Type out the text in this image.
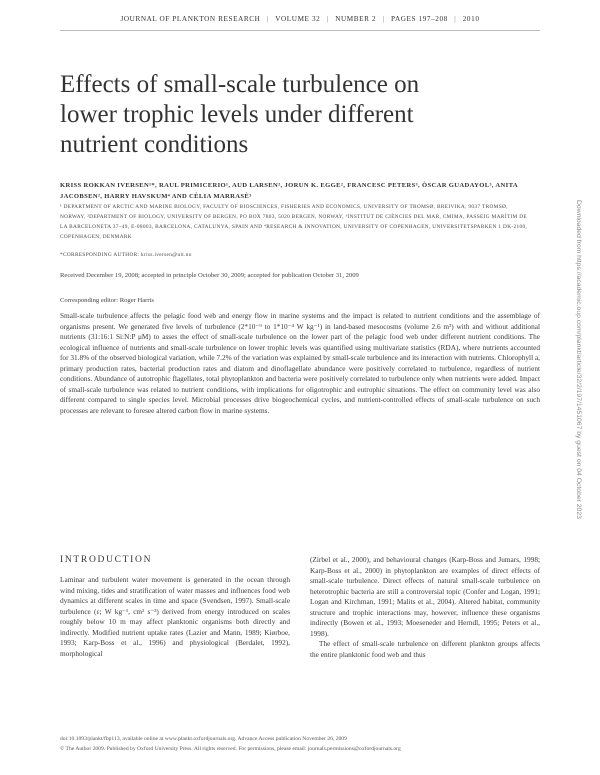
JOURNAL OF PLANKTON RESEARCH | VOLUME 32 | NUMBER 2 | PAGES 197–208 | 2010
Effects of small-scale turbulence on lower trophic levels under different nutrient conditions
KRISS ROKKAN IVERSEN¹*, RAUL PRIMICERIO¹, AUD LARSEN², JORUN K. EGGE², FRANCESC PETERS³, ÒSCAR GUADAYOL³, ANITA JACOBSEN², HARRY HAVSKUM⁴ AND CÈLIA MARRASÈ³
¹ DEPARTMENT OF ARCTIC AND MARINE BIOLOGY, FACULTY OF BIOSCIENCES, FISHERIES AND ECONOMICS, UNIVERSITY OF TROMSØ, BREIVIKA, 9037 TROMSØ, NORWAY, ²DEPARTMENT OF BIOLOGY, UNIVERSITY OF BERGEN, PO BOX 7803, 5020 BERGEN, NORWAY, ³INSTITUT DE CIÈNCIES DEL MAR, CMIMA, PASSEIG MARÍTIM DE LA BARCELONETA 37–49, E-08003, BARCELONA, CATALUNYA, SPAIN AND ⁴RESEARCH & INNOVATION, UNIVERSITY OF COPENHAGEN, UNIVERSITETSPARKEN 1 DK-2100, COPENHAGEN, DENMARK
*CORRESPONDING AUTHOR: kriss.iversen@uit.no
Received December 19, 2008; accepted in principle October 30, 2009; accepted for publication October 31, 2009
Corresponding editor: Roger Harris

Small-scale turbulence affects the pelagic food web and energy flow in marine systems and the impact is related to nutrient conditions and the assemblage of organisms present. We generated five levels of turbulence (2*10⁻⁹ to 1*10⁻⁴ W kg⁻¹) in land-based mesocosms (volume 2.6 m³) with and without additional nutrients (31:16:1 Si:N:P μM) to asses the effect of small-scale turbulence on the lower part of the pelagic food web under different nutrient conditions. The ecological influence of nutrients and small-scale turbulence on lower trophic levels was quantified using multivariate statistics (RDA), where nutrients accounted for 31.8% of the observed biological variation, while 7.2% of the variation was explained by small-scale turbulence and its interaction with nutrients. Chlorophyll a, primary production rates, bacterial production rates and diatom and dinoflagellate abundance were positively correlated to turbulence, regardless of nutrient conditions. Abundance of autotrophic flagellates, total phytoplankton and bacteria were positively correlated to turbulence only when nutrients were added. Impact of small-scale turbulence was related to nutrient conditions, with implications for oligotrophic and eutrophic situations. The effect on community level was also different compared to single species level. Microbial processes drive biogeochemical cycles, and nutrient-controlled effects of small-scale turbulence on such processes are relevant to foresee altered carbon flow in marine systems.

INTRODUCTION

Laminar and turbulent water movement is generated in the ocean through wind mixing, tides and stratification of water masses and influences food web dynamics at different scales in time and space (Svendsen, 1997). Small-scale turbulence (ε; W kg⁻¹, cm² s⁻³) derived from energy introduced on scales roughly below 10 m may affect planktonic organisms both directly and indirectly. Modified nutrient uptake rates (Lazier and Mann, 1989; Kiørboe, 1993; Karp-Boss et al., 1996) and physiological (Berdalet, 1992), morphological

(Zirbel et al., 2000), and behavioural changes (Karp-Boss and Jumars, 1998; Karp-Boss et al., 2000) in phytoplankton are examples of direct effects of small-scale turbulence. Direct effects of natural small-scale turbulence on heterotrophic bacteria are still a controversial topic (Confer and Logan, 1991; Logan and Kirchman, 1991; Malits et al., 2004). Altered habitat, community structure and trophic interactions may, however, influence these organisms indirectly (Bowen et al., 1993; Moeseneder and Herndl, 1995; Peters et al., 1998).

The effect of small-scale turbulence on different plankton groups affects the entire planktonic food web and thus

doi:10.1093/plankt/fbp113, available online at www.plankt.oxfordjournals.org. Advance Access publication November 26, 2009
© The Author 2009. Published by Oxford University Press. All rights reserved. For permissions, please email: journals.permissions@oxfordjournals.org
Downloaded from https://academic.oup.com/plankt/article/32/2/197/1451067 by guest on 04 October 2023
